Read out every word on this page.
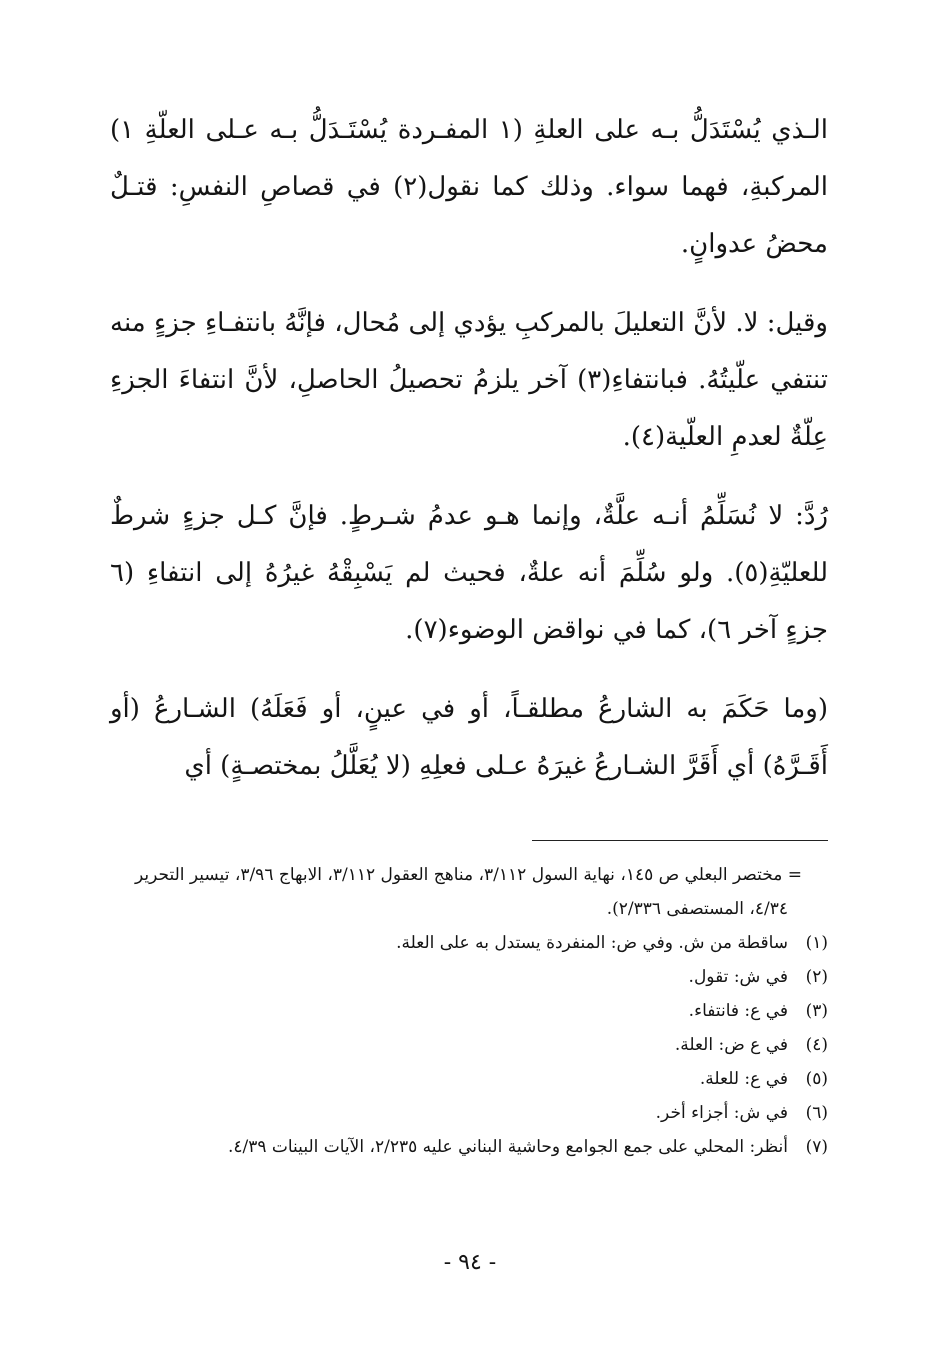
الـذي يُسْتَدَلُّ بـه على العلةِ (١ المفـردة يُسْتَـدَلُّ بـه عـلى العلّةِ ١) المركبةِ، فهما سواء. وذلك كما نقول(٢) في قصاصِ النفسِ: قتـلٌ محضُ عدوانٍ.

وقيل: لا. لأنَّ التعليلَ بالمركبِ يؤدي إلى مُحال، فإنَّهُ بانتفـاءِ جزءٍ منه تنتفي علّيتُهُ. فبانتفاءِ(٣) آخر يلزمُ تحصيلُ الحاصلِ، لأنَّ انتفاءَ الجزءِ عِلّةٌ لعدمِ العلّية(٤).

رُدَّ: لا نُسَلِّمُ أنـه علَّةٌ، وإنما هـو عدمُ شـرطٍ. فإنَّ كـل جزءٍ شرطٌ للعليّةِ(٥). ولو سُلِّمَ أنه علةٌ، فحيث لم يَسْبِقْهُ غيرُهُ إلى انتفاءِ (٦ جزءٍ آخر ٦)، كما في نواقض الوضوء(٧).

(وما حَكَمَ به الشارعُ مطلقـاً، أو في عينٍ، أو فَعَلَهُ) الشـارعُ (أو أَقَـرَّهُ) أي أَقَرَّ الشـارعُ غيرَهُ عـلى فعلِهِ (لا يُعَلَّلُ بمختصـةٍ) أي

= مختصر البعلي ص ١٤٥، نهاية السول ٣/١١٢، مناهج العقول ٣/١١٢، الابهاج ٣/٩٦، تيسير التحرير ٤/٣٤، المستصفى ٢/٣٣٦).

(١)
ساقطة من ش. وفي ض: المنفردة يستدل به على العلة.

(٢)
في ش: تقول.

(٣)
في ع: فانتفاء.

(٤)
في ع ض: العلة.

(٥)
في ع: للعلة.

(٦)
في ش: أجزاء أخر.

(٧)
أنظر: المحلي على جمع الجوامع وحاشية البناني عليه ٢/٢٣٥، الآيات البينات ٤/٣٩.

- ٩٤ -
